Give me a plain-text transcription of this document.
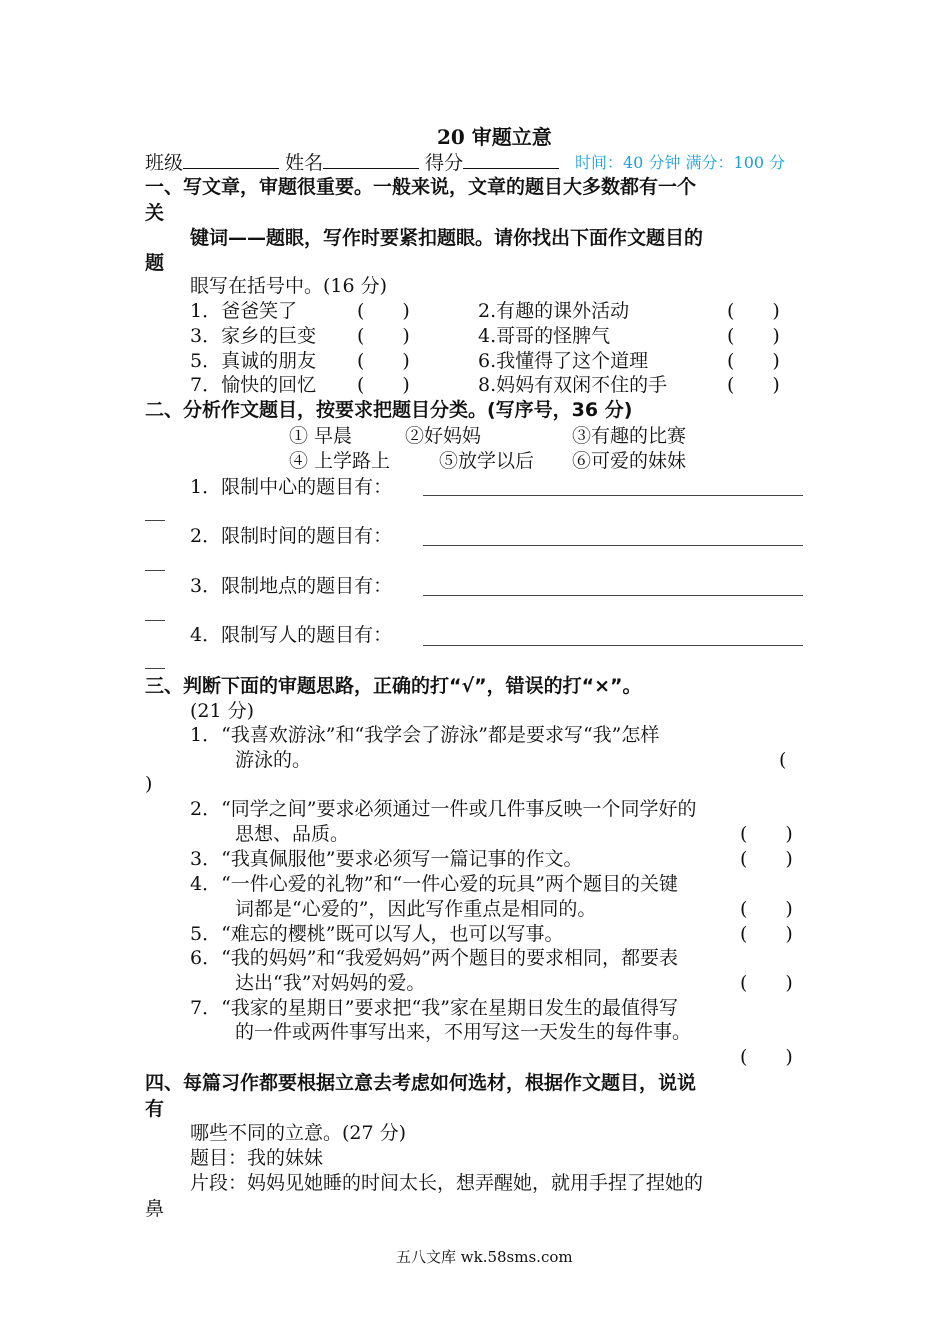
20 审题立意
班级	姓名	得分	时间：40 分钟 满分：100 分
一、写文章，审题很重要。一般来说，文章的题目大多数都有一个
关
键词——题眼，写作时要紧扣题眼。请你找出下面作文题目的
题
眼写在括号中。(16 分)
1．爸爸笑了	(　　)	2.有趣的课外活动	(　　)
3．家乡的巨变 (　　)	4.哥哥的怪脾气	(　　)
5．真诚的朋友 (　　)	6.我懂得了这个道理	(　　)
7．愉快的回忆 (　　)	8.妈妈有双闲不住的手	(　　)
二、分析作文题目，按要求把题目分类。(写序号，36 分)
① 早晨	②好妈妈	③有趣的比赛
④ 上学路上	⑤放学以后 ⑥可爱的妹妹
1．限制中心的题目有：
2．限制时间的题目有：
3．限制地点的题目有：
4．限制写人的题目有：
三、判断下面的审题思路，正确的打“√”，错误的打“×”。
(21 分)
1．“我喜欢游泳”和“我学会了游泳”都是要求写“我”怎样
游泳的。	(
)
2．“同学之间”要求必须通过一件或几件事反映一个同学好的
思想、品质。	(　　)
3．“我真佩服他”要求必须写一篇记事的作文。	(　　)
4．“一件心爱的礼物”和“一件心爱的玩具”两个题目的关键
词都是“心爱的”，因此写作重点是相同的。	(　　)
5．“难忘的樱桃”既可以写人，也可以写事。	(　　)
6．“我的妈妈”和“我爱妈妈”两个题目的要求相同，都要表
达出“我”对妈妈的爱。	(　　)
7．“我家的星期日”要求把“我”家在星期日发生的最值得写
的一件或两件事写出来，不用写这一天发生的每件事。
(　　)
四、每篇习作都要根据立意去考虑如何选材，根据作文题目，说说
有
哪些不同的立意。(27 分)
题目：我的妹妹
片段：妈妈见她睡的时间太长，想弄醒她，就用手捏了捏她的
鼻
五八文库 wk.58sms.com
